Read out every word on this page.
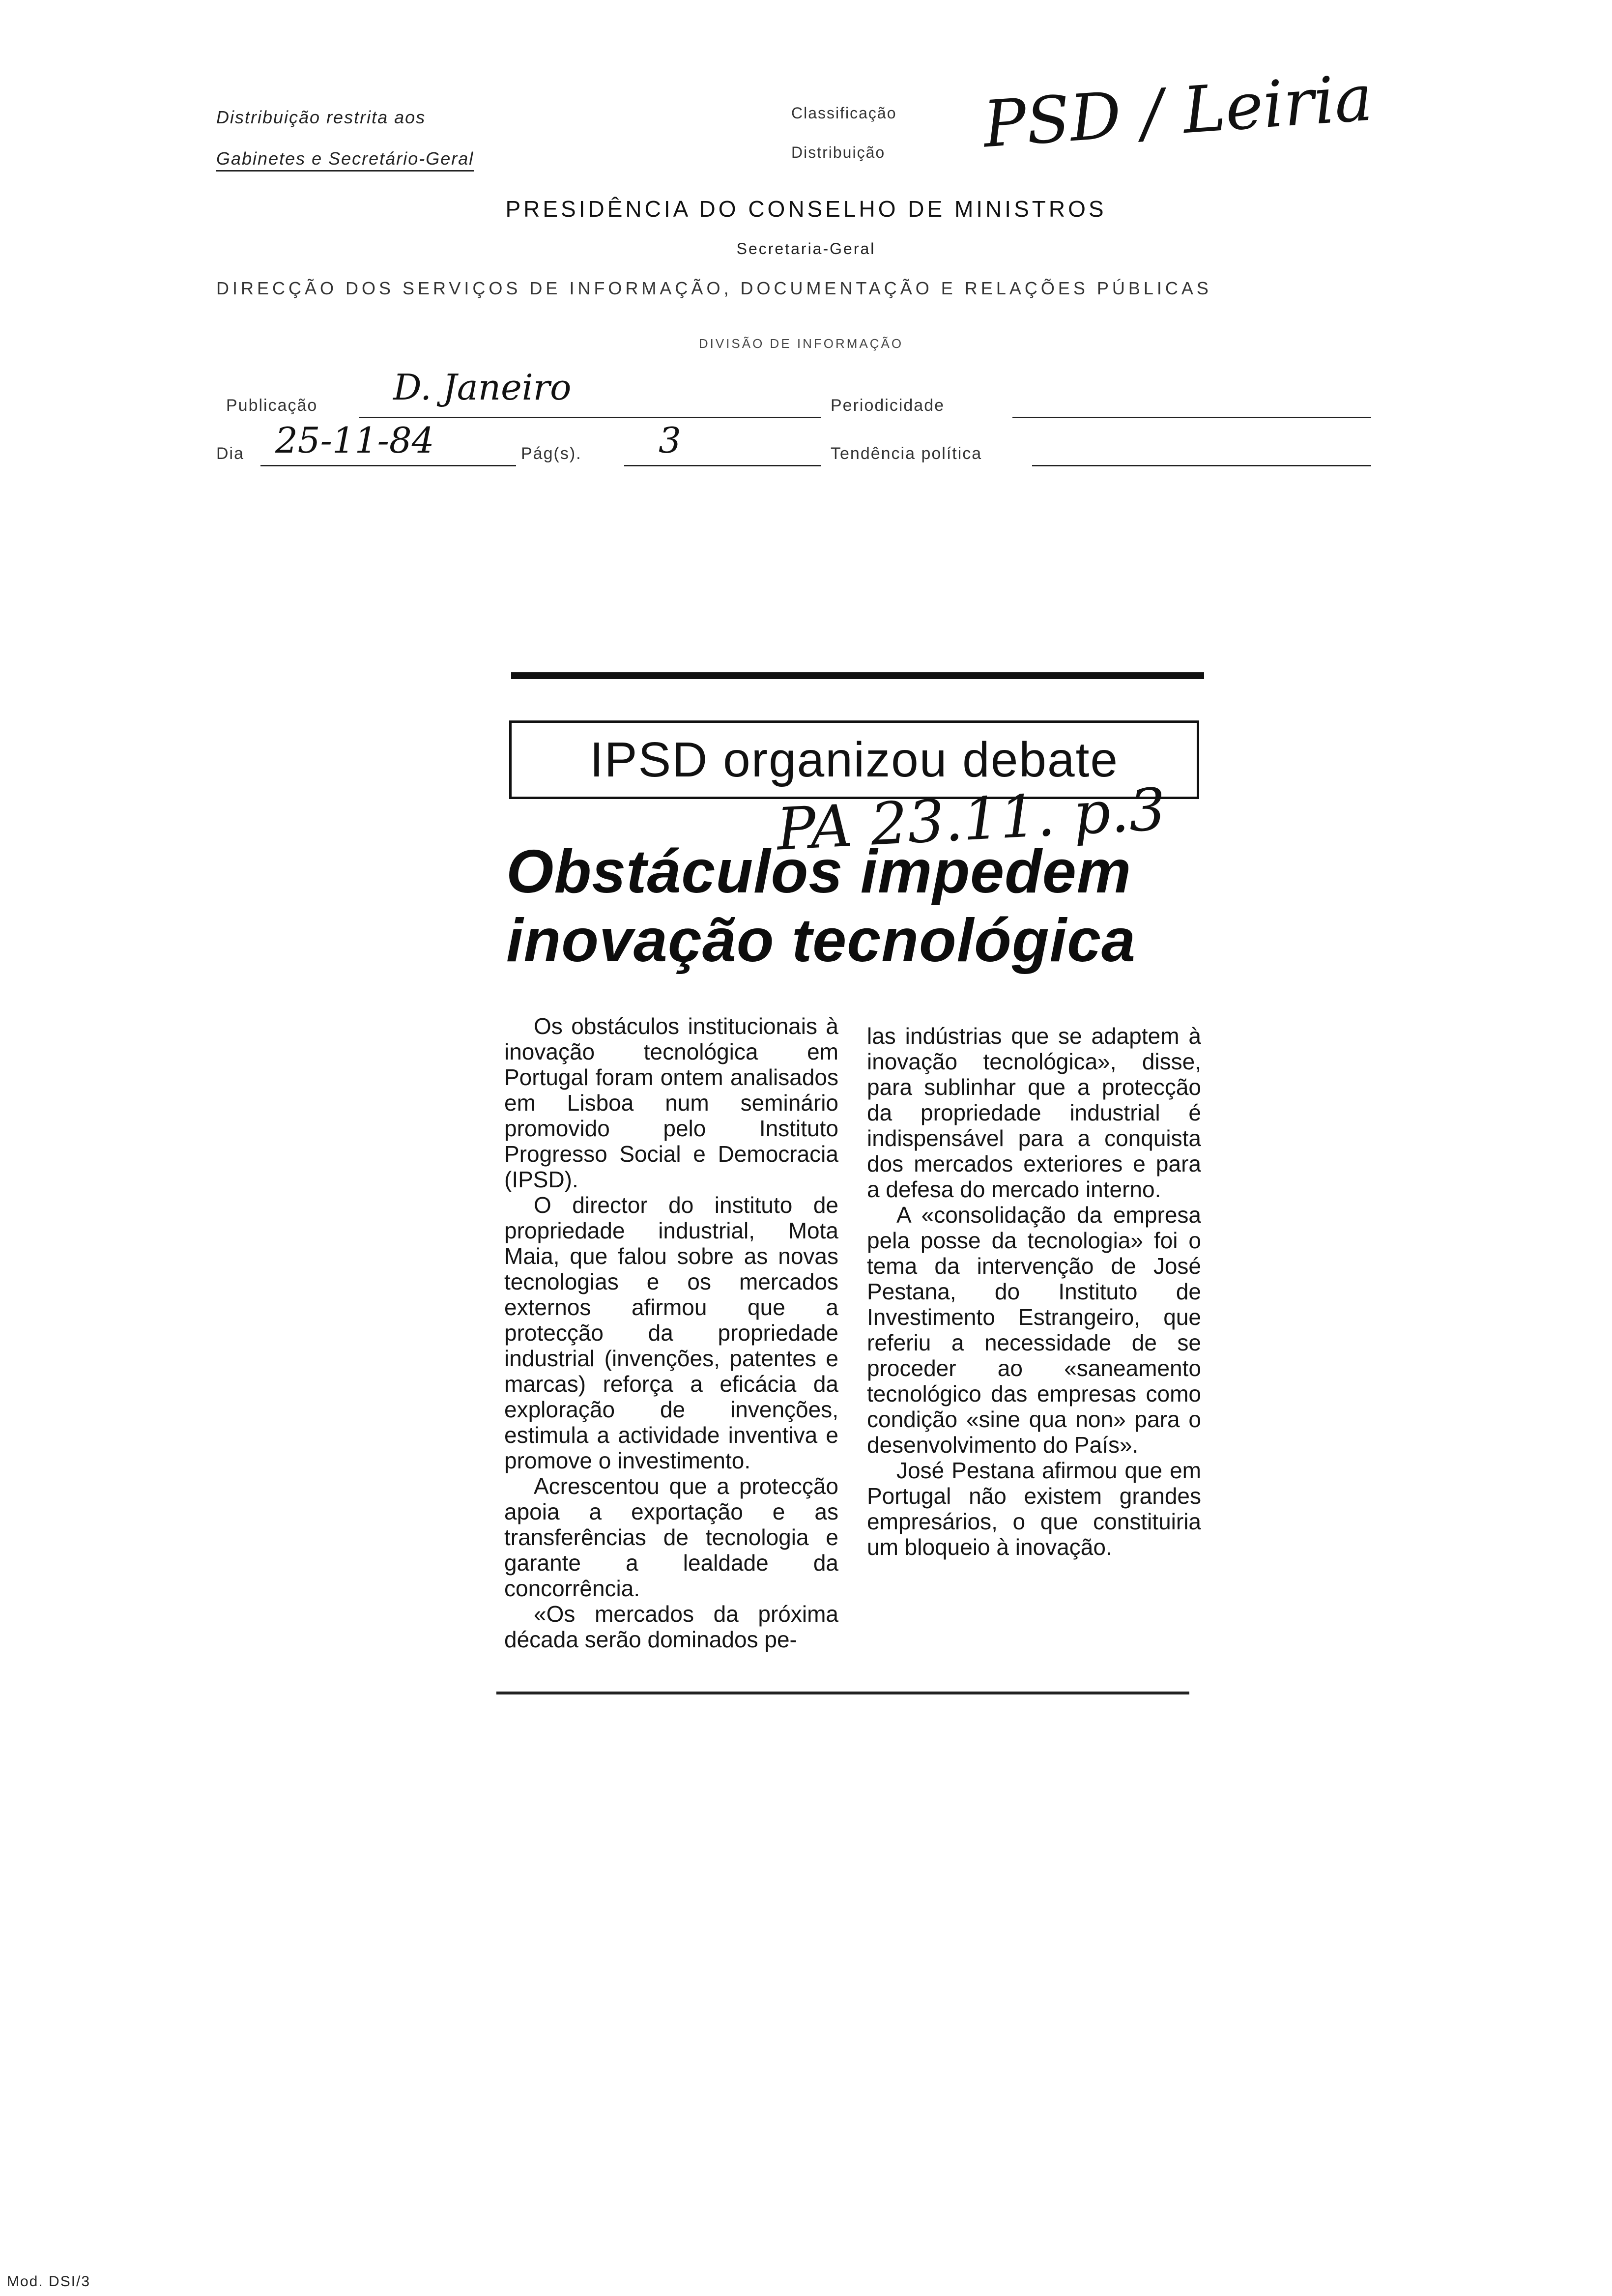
Distribuição restrita aos
Gabinetes e Secretário-Geral
Classificação
Distribuição PSD / Leiria
PRESIDÊNCIA DO CONSELHO DE MINISTROS
Secretaria-Geral
DIRECÇÃO DOS SERVIÇOS DE INFORMAÇÃO, DOCUMENTAÇÃO E RELAÇÕES PÚBLICAS
DIVISÃO DE INFORMAÇÃO
Publicação D. Janeiro	Periodicidade
Dia 25-11-84	Pág(s). 3	Tendência política
IPSD organizou debate
PA 23.11. p.3
Obstáculos impedem
inovação tecnológica

Os obstáculos institucionais à inovação tecnológica em Portugal foram ontem analisados em Lisboa num seminário promovido pelo Instituto Progresso Social e Democracia (IPSD).

O director do instituto de propriedade industrial, Mota Maia, que falou sobre as novas tecnologias e os mercados externos afirmou que a protecção da propriedade industrial (invenções, patentes e marcas) reforça a eficácia da exploração de invenções, estimula a actividade inventiva e promove o investimento.

Acrescentou que a protecção apoia a exportação e as transferências de tecnologia e garante a lealdade da concorrência.

«Os mercados da próxima década serão dominados pe-

las indústrias que se adaptem à inovação tecnológica», disse, para sublinhar que a protecção da propriedade industrial é indispensável para a conquista dos mercados exteriores e para a defesa do mercado interno.

A «consolidação da empresa pela posse da tecnologia» foi o tema da intervenção de José Pestana, do Instituto de Investimento Estrangeiro, que referiu a necessidade de se proceder ao «saneamento tecnológico das empresas como condição «sine qua non» para o desenvolvimento do País».

José Pestana afirmou que em Portugal não existem grandes empresários, o que constituiria um bloqueio à inovação.

Mod. DSI/3
